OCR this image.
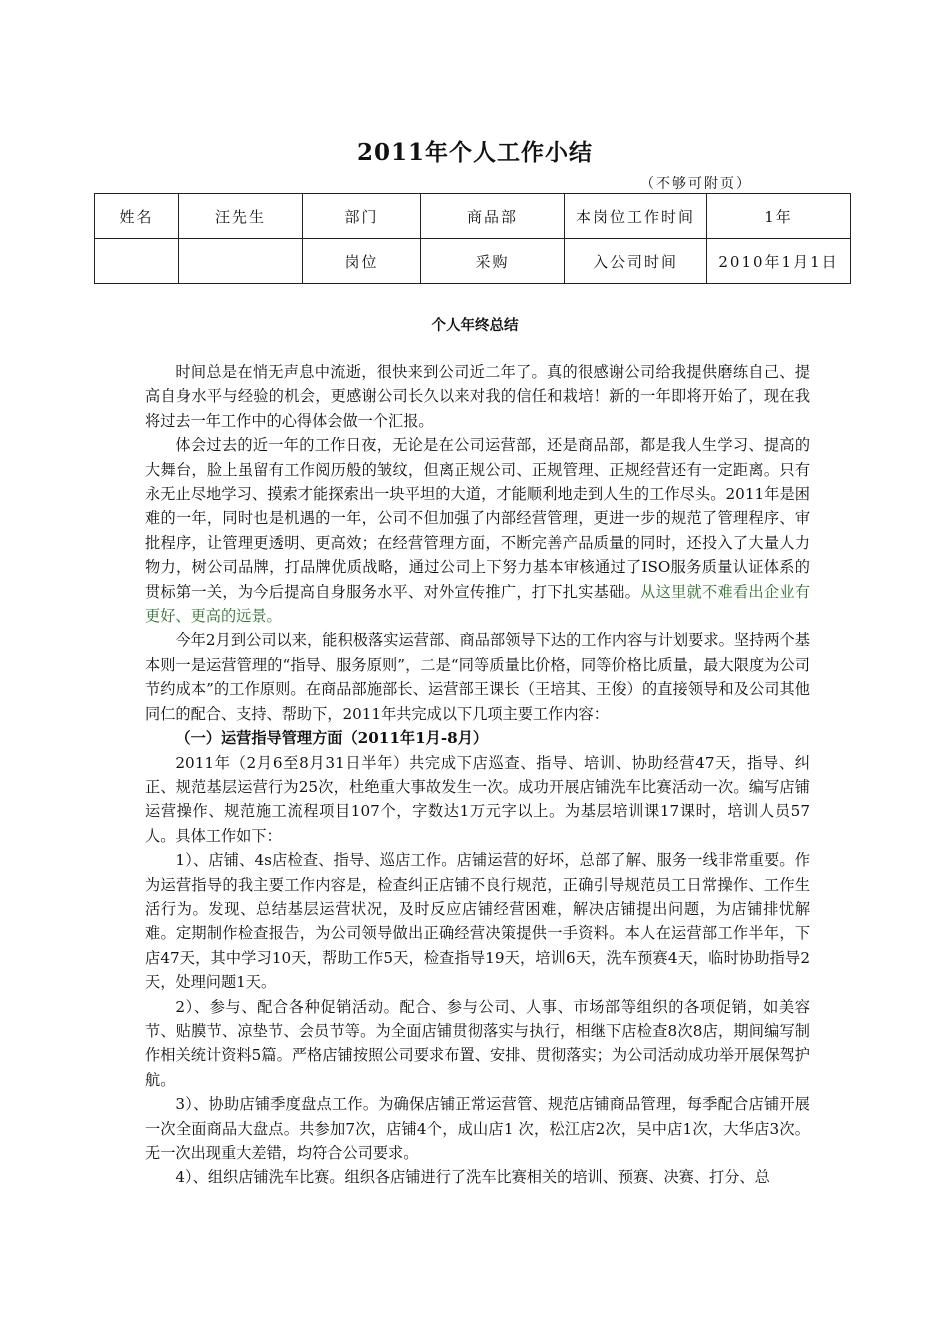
2011年个人工作小结
（不够可附页）
姓名	汪先生	部门	商品部	本岗位工作时间	1年
		岗位	采购	入公司时间	2010年1月1日
个人年终总结

时间总是在悄无声息中流逝，很快来到公司近二年了。真的很感谢公司给我提供磨练自己、提高自身水平与经验的机会，更感谢公司长久以来对我的信任和栽培！新的一年即将开始了，现在我将过去一年工作中的心得体会做一个汇报。

体会过去的近一年的工作日夜，无论是在公司运营部，还是商品部，都是我人生学习、提高的大舞台，脸上虽留有工作阅历般的皱纹，但离正规公司、正规管理、正规经营还有一定距离。只有永无止尽地学习、摸索才能探索出一块平坦的大道，才能顺利地走到人生的工作尽头。2011年是困难的一年，同时也是机遇的一年，公司不但加强了内部经营管理，更进一步的规范了管理程序、审批程序，让管理更透明、更高效；在经营管理方面，不断完善产品质量的同时，还投入了大量人力物力，树公司品牌，打品牌优质战略，通过公司上下努力基本审核通过了ISO服务质量认证体系的贯标第一关，为今后提高自身服务水平、对外宣传推广，打下扎实基础。从这里就不难看出企业有更好、更高的远景。

今年2月到公司以来，能积极落实运营部、商品部领导下达的工作内容与计划要求。坚持两个基本则一是运营管理的“指导、服务原则”，二是“同等质量比价格，同等价格比质量，最大限度为公司节约成本”的工作原则。在商品部施部长、运营部王课长（王培其、王俊）的直接领导和及公司其他同仁的配合、支持、帮助下，2011年共完成以下几项主要工作内容：

（一）运营指导管理方面（2011年1月-8月）

2011年（2月6至8月31日半年）共完成下店巡查、指导、培训、协助经营47天，指导、纠正、规范基层运营行为25次，杜绝重大事故发生一次。成功开展店铺洗车比赛活动一次。编写店铺运营操作、规范施工流程项目107个，字数达1万元字以上。为基层培训课17课时，培训人员57人。具体工作如下：

1）、店铺、4s店检查、指导、巡店工作。店铺运营的好坏，总部了解、服务一线非常重要。作为运营指导的我主要工作内容是，检查纠正店铺不良行规范，正确引导规范员工日常操作、工作生活行为。发现、总结基层运营状况，及时反应店铺经营困难，解决店铺提出问题，为店铺排忧解难。定期制作检查报告，为公司领导做出正确经营决策提供一手资料。本人在运营部工作半年，下店47天，其中学习10天，帮助工作5天，检查指导19天，培训6天，洗车预赛4天，临时协助指导2天，处理问题1天。

2）、参与、配合各种促销活动。配合、参与公司、人事、市场部等组织的各项促销，如美容节、贴膜节、凉垫节、会员节等。为全面店铺贯彻落实与执行，相继下店检查8次8店，期间编写制作相关统计资料5篇。严格店铺按照公司要求布置、安排、贯彻落实；为公司活动成功举开展保驾护航。

3）、协助店铺季度盘点工作。为确保店铺正常运营管、规范店铺商品管理，每季配合店铺开展一次全面商品大盘点。共参加7次，店铺4个，成山店1 次，松江店2次，吴中店1次，大华店3次。无一次出现重大差错，均符合公司要求。

4）、组织店铺洗车比赛。组织各店铺进行了洗车比赛相关的培训、预赛、决赛、打分、总
